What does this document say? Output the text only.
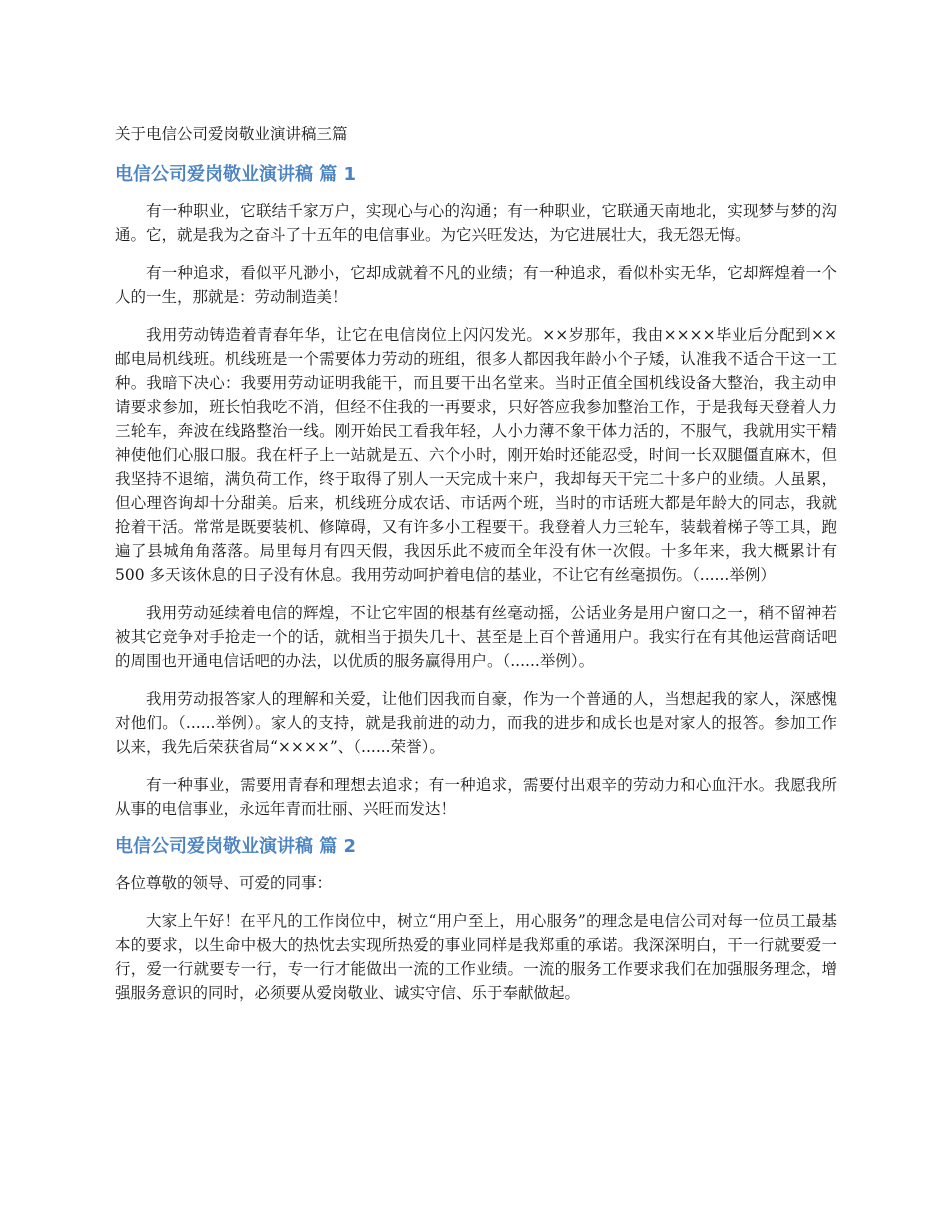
关于电信公司爱岗敬业演讲稿三篇
电信公司爱岗敬业演讲稿 篇 1

有一种职业，它联结千家万户，实现心与心的沟通；有一种职业，它联通天南地北，实现梦与梦的沟通。它，就是我为之奋斗了十五年的电信事业。为它兴旺发达，为它进展壮大，我无怨无悔。

有一种追求，看似平凡渺小，它却成就着不凡的业绩；有一种追求，看似朴实无华，它却辉煌着一个人的一生，那就是：劳动制造美！

我用劳动铸造着青春年华，让它在电信岗位上闪闪发光。××岁那年，我由××××毕业后分配到××邮电局机线班。机线班是一个需要体力劳动的班组，很多人都因我年龄小个子矮，认准我不适合干这一工种。我暗下决心：我要用劳动证明我能干，而且要干出名堂来。当时正值全国机线设备大整治，我主动申请要求参加，班长怕我吃不消，但经不住我的一再要求，只好答应我参加整治工作，于是我每天登着人力三轮车，奔波在线路整治一线。刚开始民工看我年轻，人小力薄不象干体力活的，不服气，我就用实干精神使他们心服口服。我在杆子上一站就是五、六个小时，刚开始时还能忍受，时间一长双腿僵直麻木，但我坚持不退缩，满负荷工作，终于取得了别人一天完成十来户，我却每天干完二十多户的业绩。人虽累，但心理咨询却十分甜美。后来，机线班分成农话、市话两个班，当时的市话班大都是年龄大的同志，我就抢着干活。常常是既要装机、修障碍，又有许多小工程要干。我登着人力三轮车，装载着梯子等工具，跑遍了县城角角落落。局里每月有四天假，我因乐此不疲而全年没有休一次假。十多年来，我大概累计有 500 多天该休息的日子没有休息。我用劳动呵护着电信的基业，不让它有丝毫损伤。（......举例）

我用劳动延续着电信的辉煌，不让它牢固的根基有丝毫动摇，公话业务是用户窗口之一，稍不留神若被其它竞争对手抢走一个的话，就相当于损失几十、甚至是上百个普通用户。我实行在有其他运营商话吧的周围也开通电信话吧的办法，以优质的服务赢得用户。（......举例）。

我用劳动报答家人的理解和关爱，让他们因我而自豪，作为一个普通的人，当想起我的家人，深感愧对他们。（......举例）。家人的支持，就是我前进的动力，而我的进步和成长也是对家人的报答。参加工作以来，我先后荣获省局“××××”、（......荣誉）。

有一种事业，需要用青春和理想去追求；有一种追求，需要付出艰辛的劳动力和心血汗水。我愿我所从事的电信事业，永远年青而壮丽、兴旺而发达！

电信公司爱岗敬业演讲稿 篇 2

各位尊敬的领导、可爱的同事：

大家上午好！在平凡的工作岗位中，树立“用户至上，用心服务”的理念是电信公司对每一位员工最基本的要求，以生命中极大的热忱去实现所热爱的事业同样是我郑重的承诺。我深深明白，干一行就要爱一行，爱一行就要专一行，专一行才能做出一流的工作业绩。一流的服务工作要求我们在加强服务理念，增强服务意识的同时，必须要从爱岗敬业、诚实守信、乐于奉献做起。
